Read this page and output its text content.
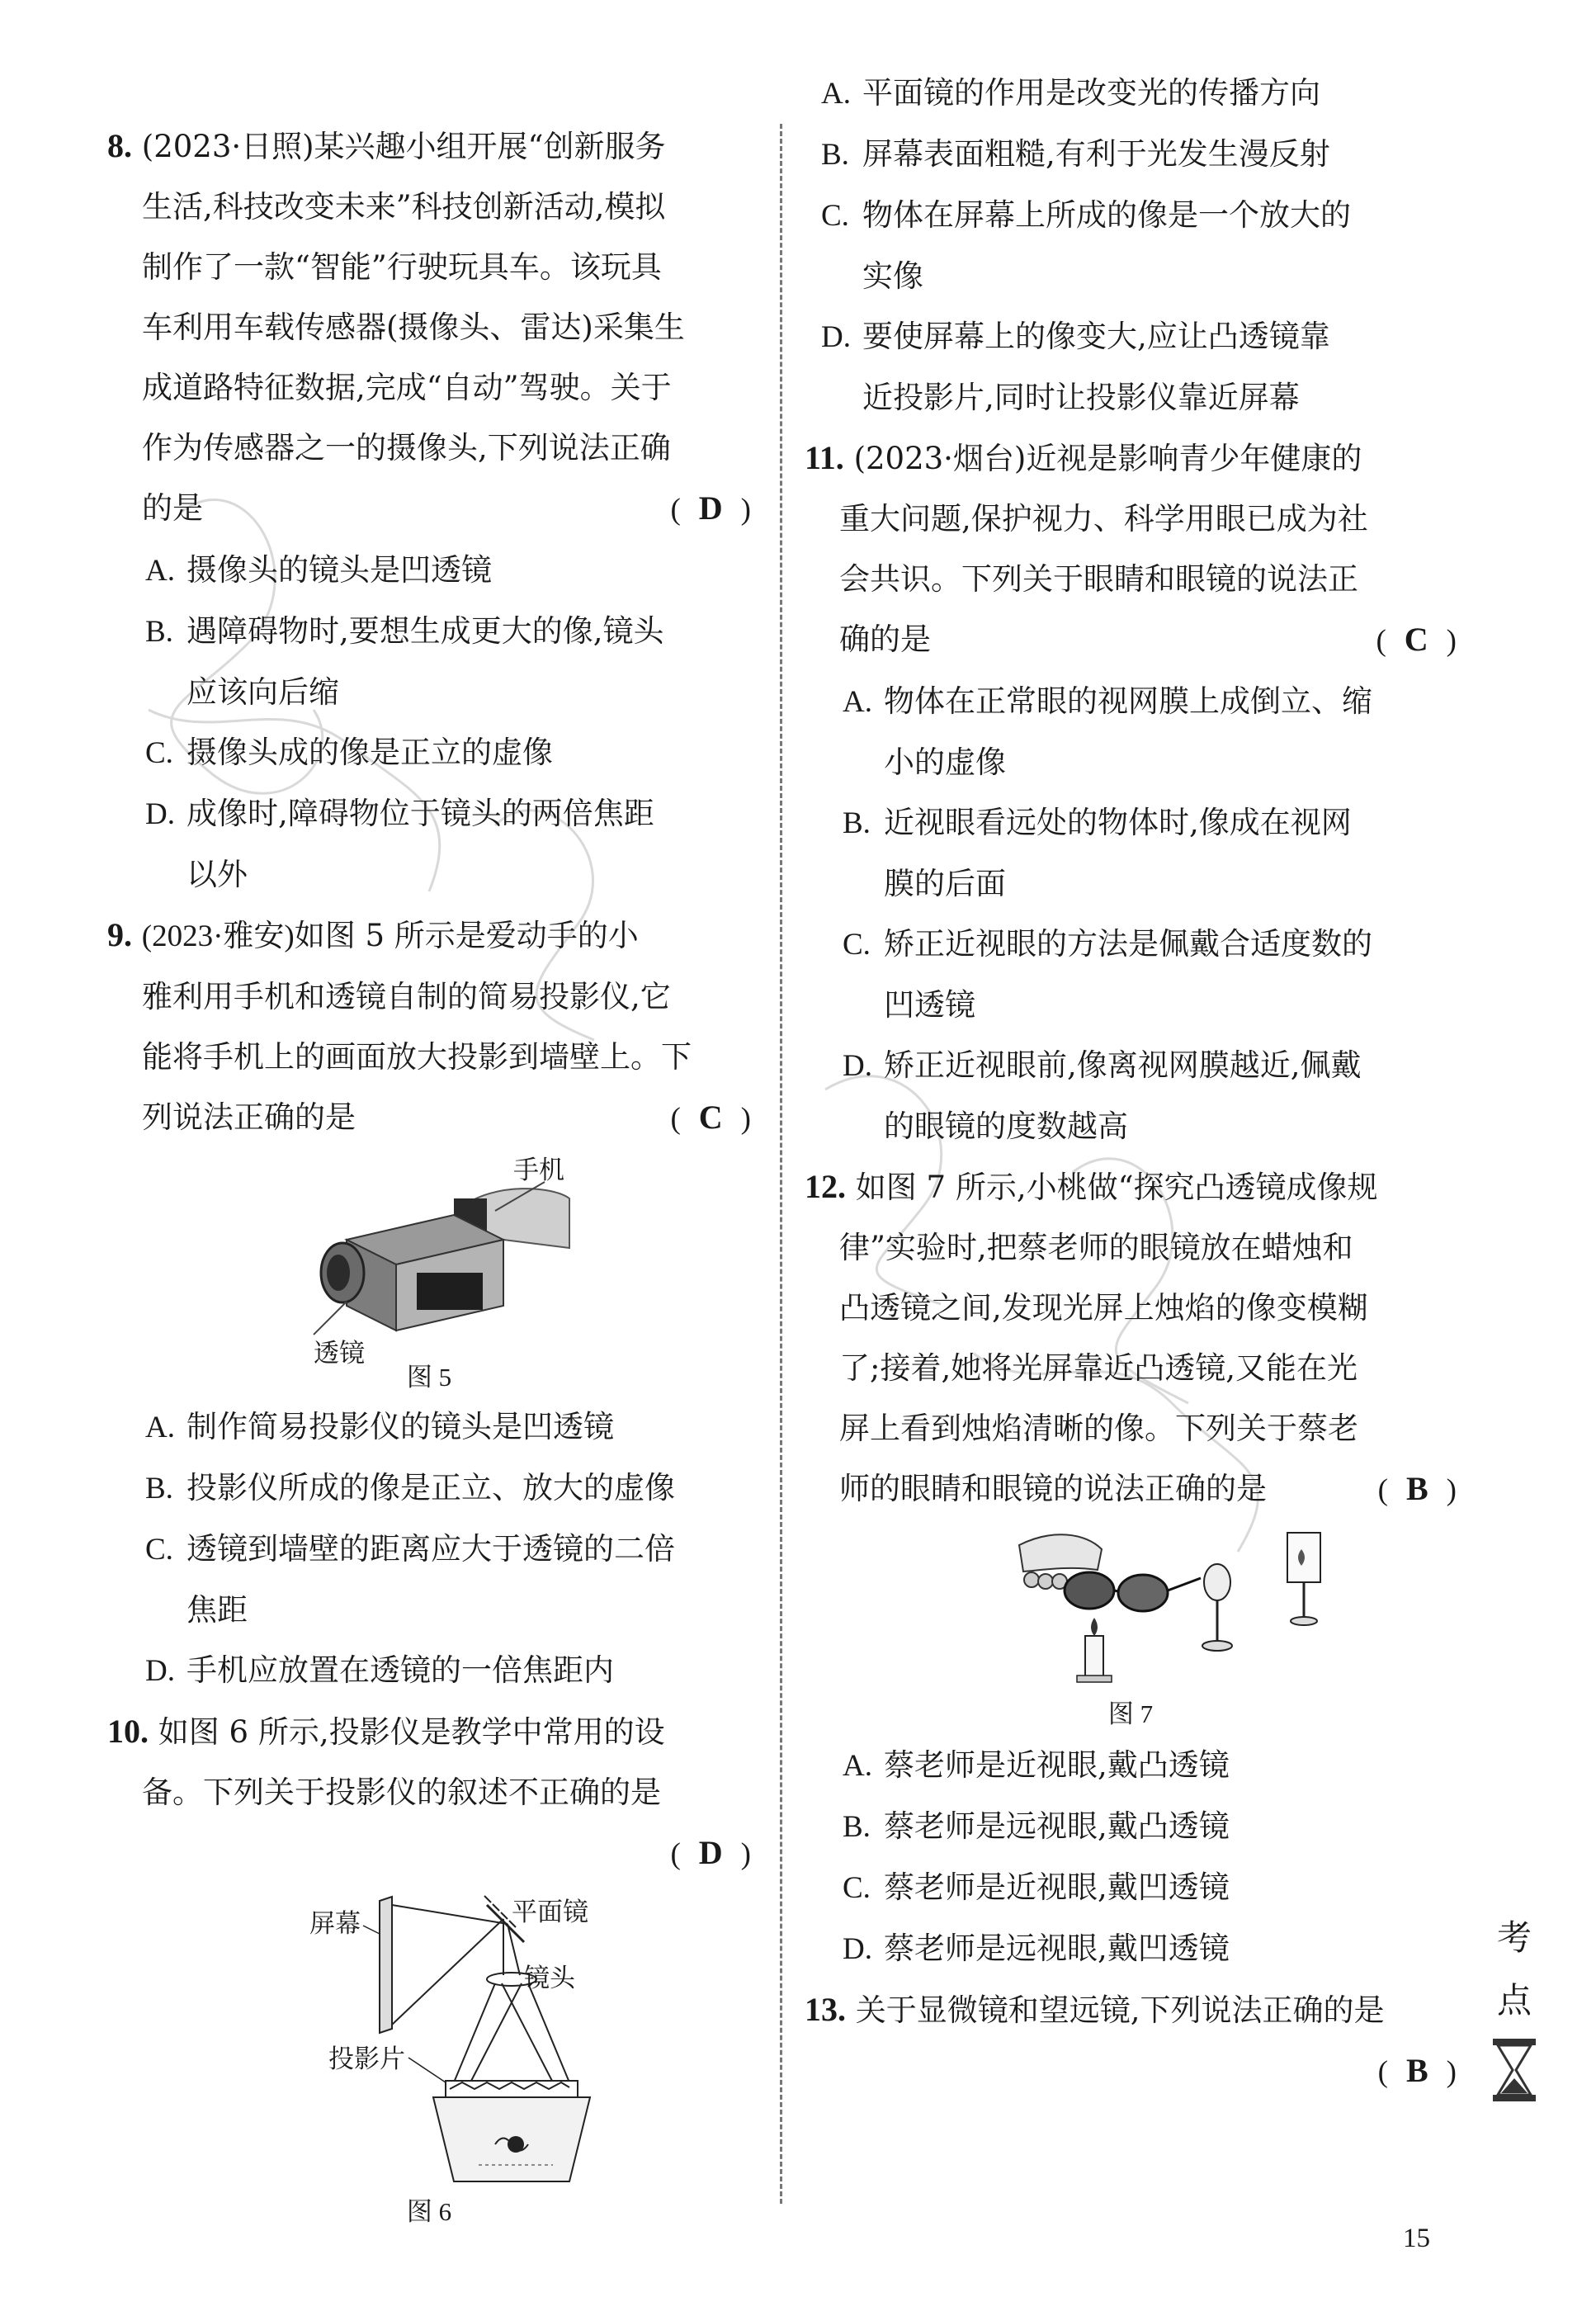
8. (2023·日照)某兴趣小组开展“创新服务

生活,科技改变未来”科技创新活动,模拟

制作了一款“智能”行驶玩具车。该玩具

车利用车载传感器(摄像头、雷达)采集生

成道路特征数据,完成“自动”驾驶。关于

作为传感器之一的摄像头,下列说法正确

的是	( D )

A. 摄像头的镜头是凹透镜

B. 遇障碍物时,要想生成更大的像,镜头

应该向后缩

C. 摄像头成的像是正立的虚像

D. 成像时,障碍物位于镜头的两倍焦距

以外

9. (2023·雅安)如图 5 所示是爱动手的小

雅利用手机和透镜自制的简易投影仪,它

能将手机上的画面放大投影到墙壁上。下

列说法正确的是	( C )
手机
透镜
图 5

A. 制作简易投影仪的镜头是凹透镜

B. 投影仪所成的像是正立、放大的虚像

C. 透镜到墙壁的距离应大于透镜的二倍

焦距

D. 手机应放置在透镜的一倍焦距内

10. 如图 6 所示,投影仪是教学中常用的设

备。下列关于投影仪的叙述不正确的是

( D )

屏幕	平面镜
镜头
投影片
图 6

A. 平面镜的作用是改变光的传播方向

B. 屏幕表面粗糙,有利于光发生漫反射

C. 物体在屏幕上所成的像是一个放大的

实像

D. 要使屏幕上的像变大,应让凸透镜靠

近投影片,同时让投影仪靠近屏幕

11. (2023·烟台)近视是影响青少年健康的

重大问题,保护视力、科学用眼已成为社

会共识。下列关于眼睛和眼镜的说法正

确的是	( C )

A. 物体在正常眼的视网膜上成倒立、缩

小的虚像

B. 近视眼看远处的物体时,像成在视网

膜的后面

C. 矫正近视眼的方法是佩戴合适度数的

凹透镜

D. 矫正近视眼前,像离视网膜越近,佩戴

的眼镜的度数越高

12. 如图 7 所示,小桃做“探究凸透镜成像规

律”实验时,把蔡老师的眼镜放在蜡烛和

凸透镜之间,发现光屏上烛焰的像变模糊

了;接着,她将光屏靠近凸透镜,又能在光

屏上看到烛焰清晰的像。下列关于蔡老

师的眼睛和眼镜的说法正确的是	( B )
图 7

A. 蔡老师是近视眼,戴凸透镜

B. 蔡老师是远视眼,戴凸透镜

C. 蔡老师是近视眼,戴凹透镜

D. 蔡老师是远视眼,戴凹透镜

13. 关于显微镜和望远镜,下列说法正确的是

( B )

考
点
15
